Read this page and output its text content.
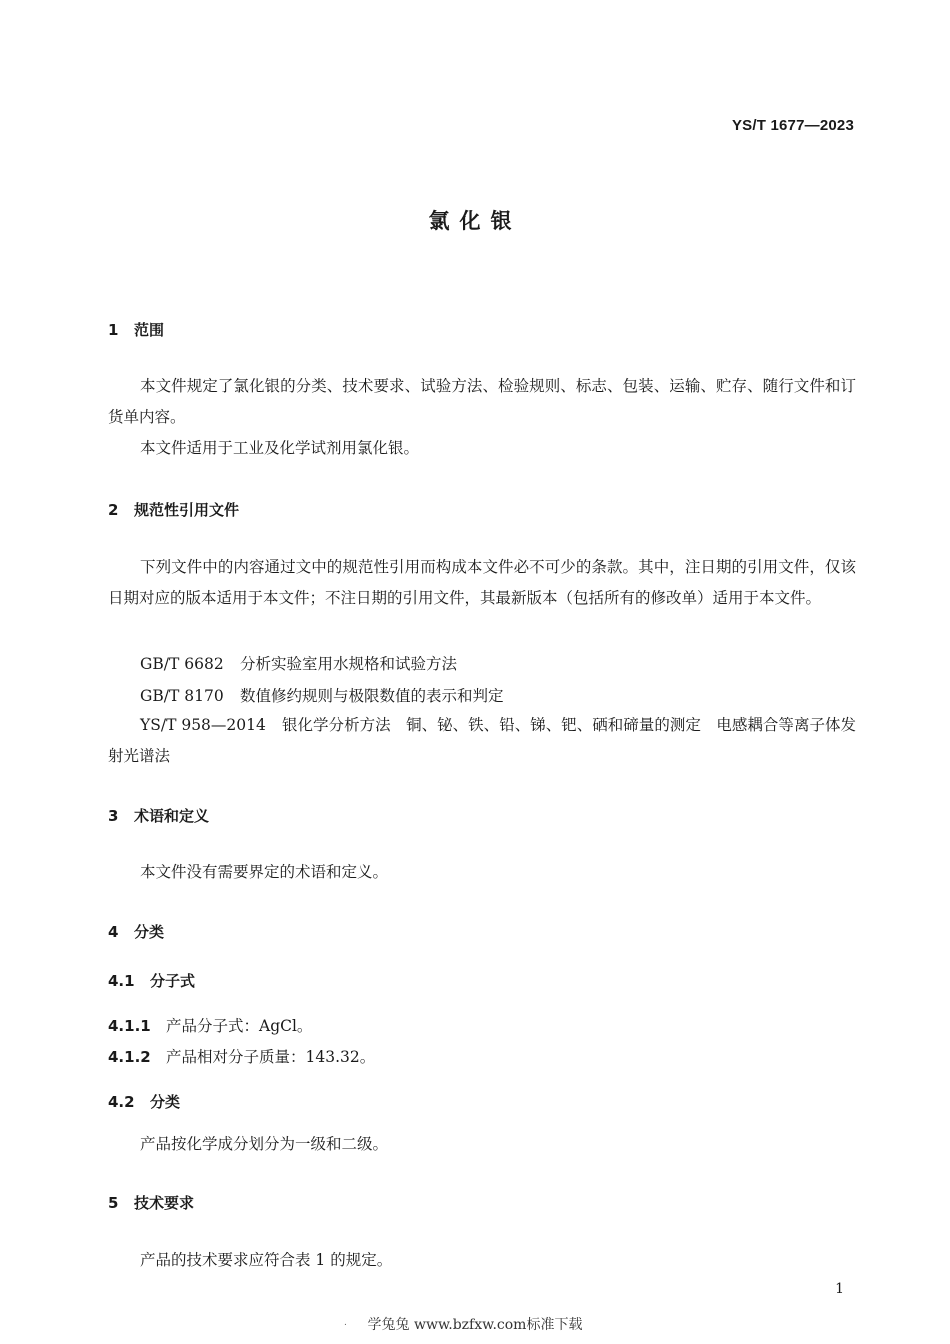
YS/T 1677—2023
氯化银
1 范围

本文件规定了氯化银的分类、技术要求、试验方法、检验规则、标志、包装、运输、贮存、随行文件和订货单内容。

本文件适用于工业及化学试剂用氯化银。

2 规范性引用文件

下列文件中的内容通过文中的规范性引用而构成本文件必不可少的条款。其中，注日期的引用文件，仅该日期对应的版本适用于本文件；不注日期的引用文件，其最新版本（包括所有的修改单）适用于本文件。

GB/T 6682 分析实验室用水规格和试验方法
GB/T 8170 数值修约规则与极限数值的表示和判定

YS/T 958—2014 银化学分析方法　铜、铋、铁、铅、锑、钯、硒和碲量的测定　电感耦合等离子体发射光谱法

3 术语和定义

本文件没有需要界定的术语和定义。

4 分类
4.1 分子式
4.1.1 产品分子式：AgCl。
4.1.2 产品相对分子质量：143.32。
4.2 分类

产品按化学成分划分为一级和二级。

5 技术要求

产品的技术要求应符合表 1 的规定。

1
.	学兔兔 www.bzfxw.com标准下载
